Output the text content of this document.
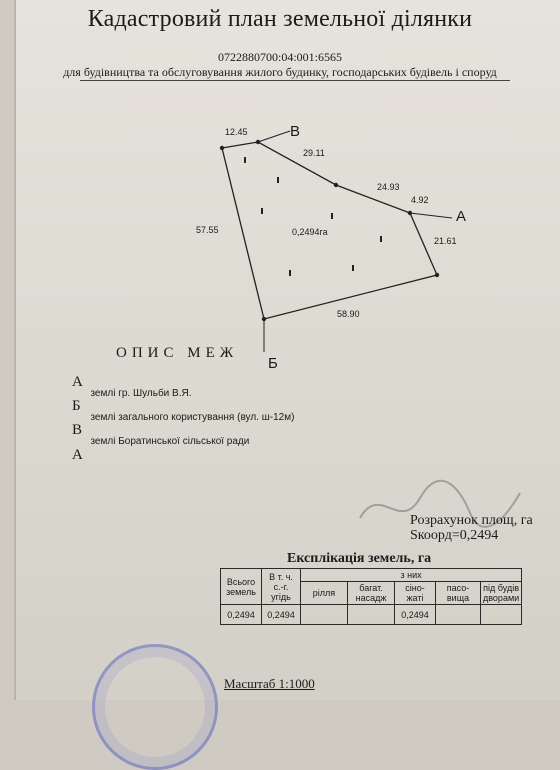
Кадастровий план земельної ділянки
0722880700:04:001:6565
для будівництва та обслуговування жилого будинку, господарських будівель і споруд
В
А
Б
12.45
29.11
24.93
4.92
21.61
58.90
57.55	0,2494га
ОПИС МЕЖ
А $_{землі гр. Шульби В.Я.}$
Б $_{землі загального користування (вул. ш-12м)}$
В $_{землі Боратинської сільської ради}$
А
Розрахунок площ, га
Sкоорд=0,2494
Експлікація земель, га
Всього земель	В т. ч. с.-г. угідь	з них				
		рілля	багат. насадж	сіно-жаті	пасо-вища	під будів дворами
0,2494	0,2494			0,2494		
Масштаб 1:1000
